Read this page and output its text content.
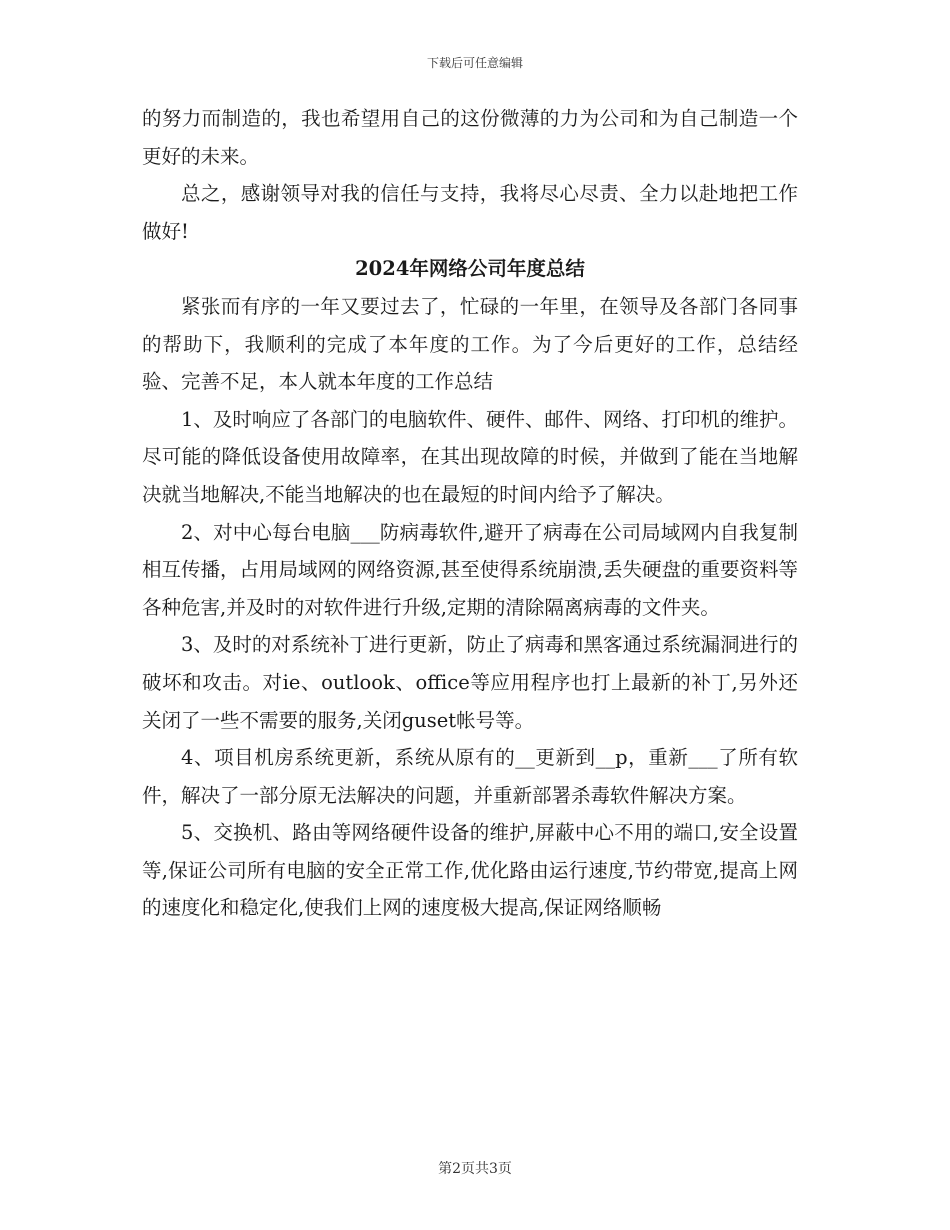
下载后可任意编辑

的努力而制造的，我也希望用自己的这份微薄的力为公司和为自己制造一个更好的未来。

总之，感谢领导对我的信任与支持，我将尽心尽责、全力以赴地把工作做好!

2024年网络公司年度总结

紧张而有序的一年又要过去了，忙碌的一年里，在领导及各部门各同事的帮助下，我顺利的完成了本年度的工作。为了今后更好的工作，总结经验、完善不足，本人就本年度的工作总结

1、及时响应了各部门的电脑软件、硬件、邮件、网络、打印机的维护。尽可能的降低设备使用故障率，在其出现故障的时候，并做到了能在当地解决就当地解决,不能当地解决的也在最短的时间内给予了解决。

2、对中心每台电脑___防病毒软件,避开了病毒在公司局域网内自我复制相互传播，占用局域网的网络资源,甚至使得系统崩溃,丢失硬盘的重要资料等各种危害,并及时的对软件进行升级,定期的清除隔离病毒的文件夹。

3、及时的对系统补丁进行更新，防止了病毒和黑客通过系统漏洞进行的破坏和攻击。对ie、outlook、office等应用程序也打上最新的补丁,另外还关闭了一些不需要的服务,关闭guset帐号等。

4、项目机房系统更新，系统从原有的__更新到__p，重新___了所有软件，解决了一部分原无法解决的问题，并重新部署杀毒软件解决方案。

5、交换机、路由等网络硬件设备的维护,屏蔽中心不用的端口,安全设置等,保证公司所有电脑的安全正常工作,优化路由运行速度,节约带宽,提高上网的速度化和稳定化,使我们上网的速度极大提高,保证网络顺畅

第2页共3页
